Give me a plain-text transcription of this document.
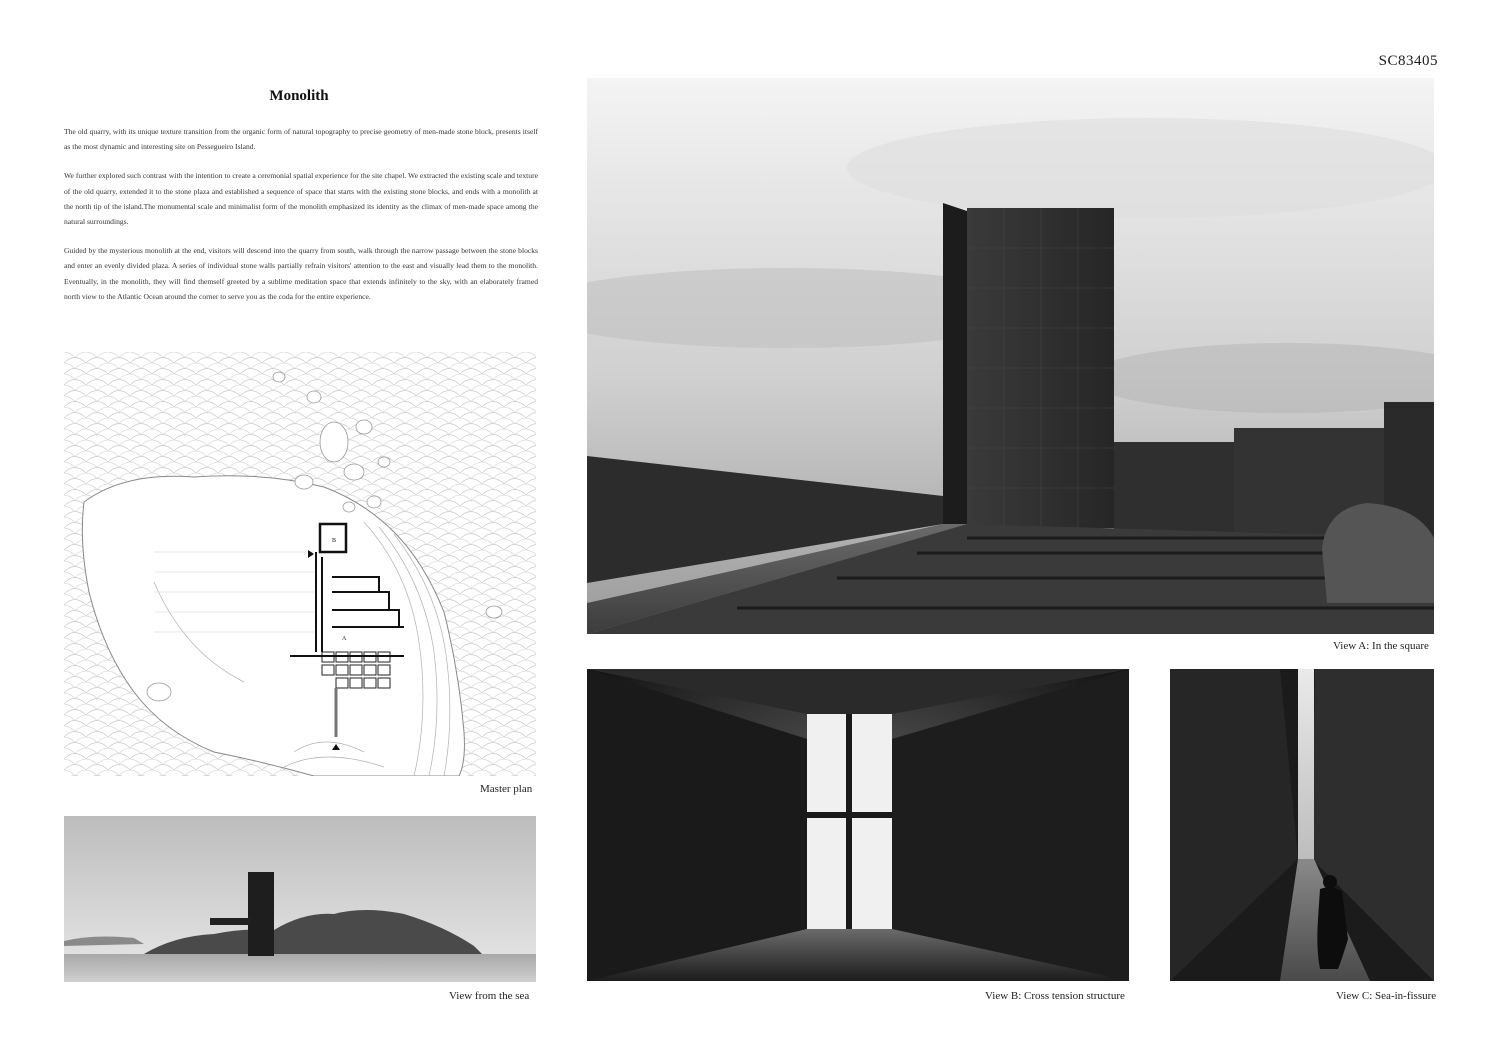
SC83405
Monolith

The old quarry, with its unique texture transition from the organic form of natural topography to precise geometry of men-made stone block, presents itself as the most dynamic and interesting site on Pessegueiro Island.

We further explored such contrast with the intention to create a ceremonial spatial experience for the site chapel. We extracted the existing scale and texture of the old quarry, extended it to the stone plaza and established a sequence of space that starts with the existing stone blocks, and ends with a monolith at the north tip of the island.The monumental scale and minimalist form of the monolith emphasized its identity as the climax of men-made space among the natural surroundings.

Guided by the mysterious monolith at the end, visitors will descend into the quarry from south, walk through the narrow passage between the stone blocks and enter an evenly divided plaza. A series of individual stone walls partially refrain visitors' attention to the east and visually lead them to the monolith. Eventually, in the monolith, they will find themself greeted by a sublime meditation space that extends infinitely to the sky, with an elaborately framed north view to the Atlantic Ocean around the corner to serve you as the coda for the entire experience.

B
A
Master plan
View from the sea
View A: In the square
View B: Cross tension structure	View C: Sea-in-fissure
